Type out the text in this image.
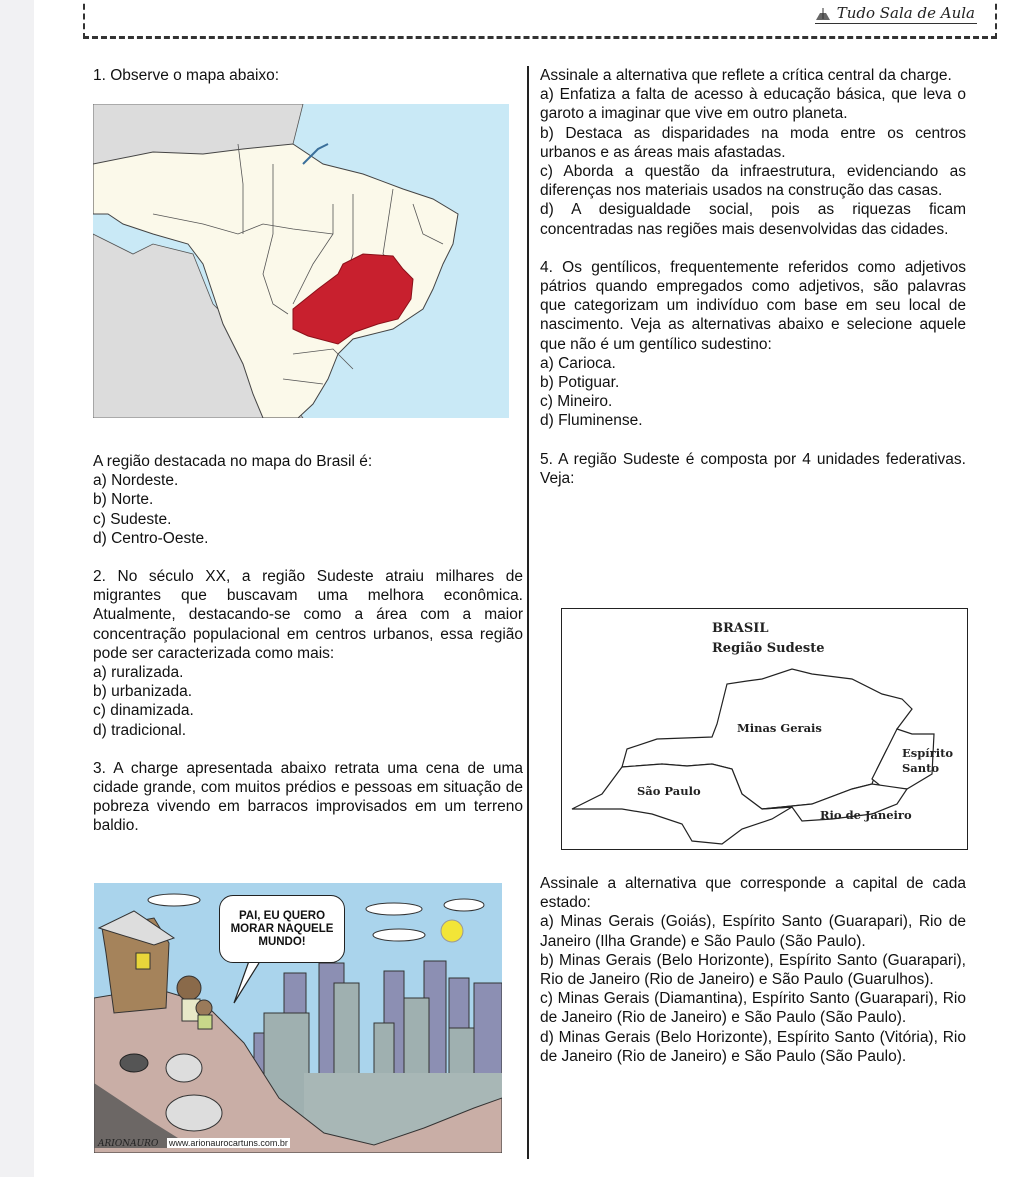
Tudo Sala de Aula

1. Observe o mapa abaixo:

A região destacada no mapa do Brasil é:

a) Nordeste.

b) Norte.

c) Sudeste.

d) Centro-Oeste.

2. No século XX, a região Sudeste atraiu milhares de migrantes que buscavam uma melhora econômica. Atualmente, destacando-se como a área com a maior concentração populacional em centros urbanos, essa região pode ser caracterizada como mais:

a) ruralizada.

b) urbanizada.

c) dinamizada.

d) tradicional.

3. A charge apresentada abaixo retrata uma cena de uma cidade grande, com muitos prédios e pessoas em situação de pobreza vivendo em barracos improvisados em um terreno baldio.

PAI, EU QUERO MORAR NAQUELE MUNDO!
ARIONAURO www.arionaurocartuns.com.br

Assinale a alternativa que reflete a crítica central da charge.

a) Enfatiza a falta de acesso à educação básica, que leva o garoto a imaginar que vive em outro planeta.

b) Destaca as disparidades na moda entre os centros urbanos e as áreas mais afastadas.

c) Aborda a questão da infraestrutura, evidenciando as diferenças nos materiais usados na construção das casas.

d) A desigualdade social, pois as riquezas ficam concentradas nas regiões mais desenvolvidas das cidades.

4. Os gentílicos, frequentemente referidos como adjetivos pátrios quando empregados como adjetivos, são palavras que categorizam um indivíduo com base em seu local de nascimento. Veja as alternativas abaixo e selecione aquele que não é um gentílico sudestino:

a) Carioca.

b) Potiguar.

c) Mineiro.

d) Fluminense.

5. A região Sudeste é composta por 4 unidades federativas. Veja:

BRASIL
Região Sudeste
Minas Gerais
Espírito
Santo
São Paulo
Rio de Janeiro

Assinale a alternativa que corresponde a capital de cada estado:

a) Minas Gerais (Goiás), Espírito Santo (Guarapari), Rio de Janeiro (Ilha Grande) e São Paulo (São Paulo).

b) Minas Gerais (Belo Horizonte), Espírito Santo (Guarapari), Rio de Janeiro (Rio de Janeiro) e São Paulo (Guarulhos).

c) Minas Gerais (Diamantina), Espírito Santo (Guarapari), Rio de Janeiro (Rio de Janeiro) e São Paulo (São Paulo).

d) Minas Gerais (Belo Horizonte), Espírito Santo (Vitória), Rio de Janeiro (Rio de Janeiro) e São Paulo (São Paulo).
